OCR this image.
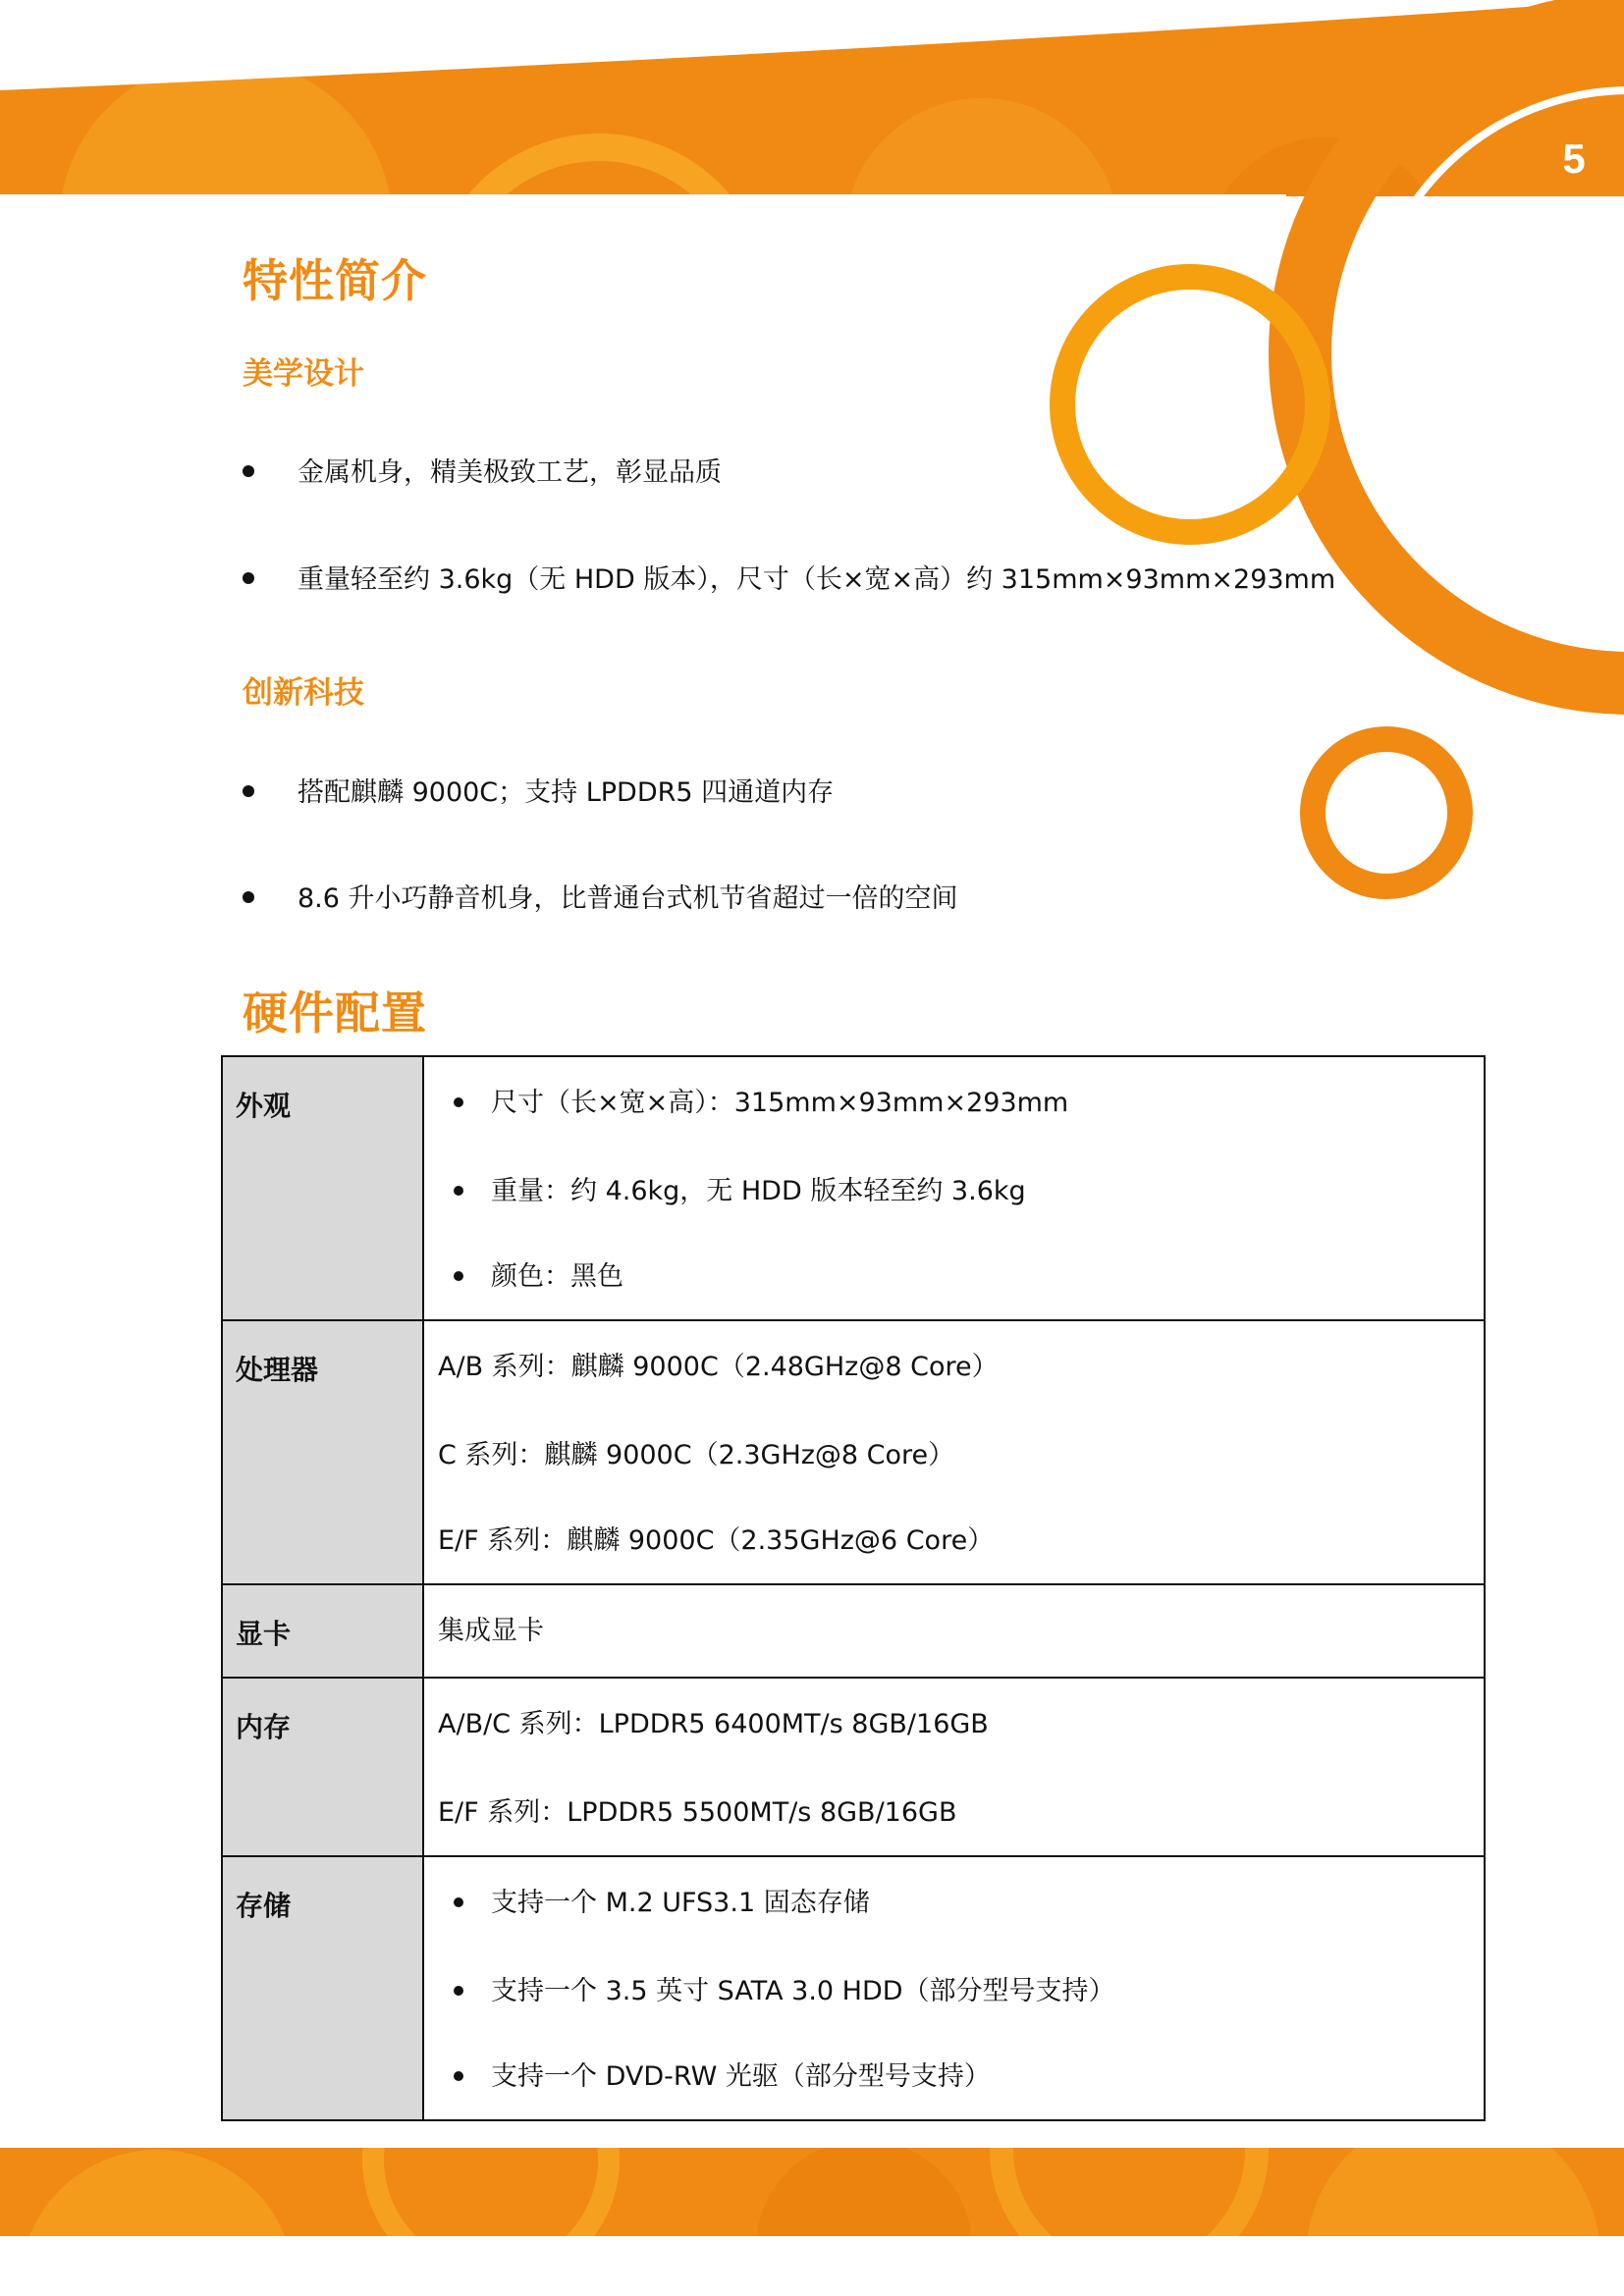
5
特性简介
美学设计
金属机身，精美极致工艺，彰显品质
重量轻至约 3.6kg（无 HDD 版本），尺寸（长×宽×高）约 315mm×93mm×293mm
创新科技
搭配麒麟 9000C；支持 LPDDR5 四通道内存
8.6 升小巧静音机身，比普通台式机节省超过一倍的空间
硬件配置
外观	尺寸（长×宽×高）：315mm×93mm×293mm
重量：约 4.6kg，无 HDD 版本轻至约 3.6kg
颜色：黑色

处理器	A/B 系列：麒麟 9000C（2.48GHz@8 Core）
C 系列：麒麟 9000C（2.3GHz@8 Core）
E/F 系列：麒麟 9000C（2.35GHz@6 Core）

显卡	集成显卡

内存	A/B/C 系列：LPDDR5 6400MT/s 8GB/16GB
E/F 系列：LPDDR5 5500MT/s 8GB/16GB

存储	支持一个 M.2 UFS3.1 固态存储
支持一个 3.5 英寸 SATA 3.0 HDD（部分型号支持）
支持一个 DVD-RW 光驱（部分型号支持）
